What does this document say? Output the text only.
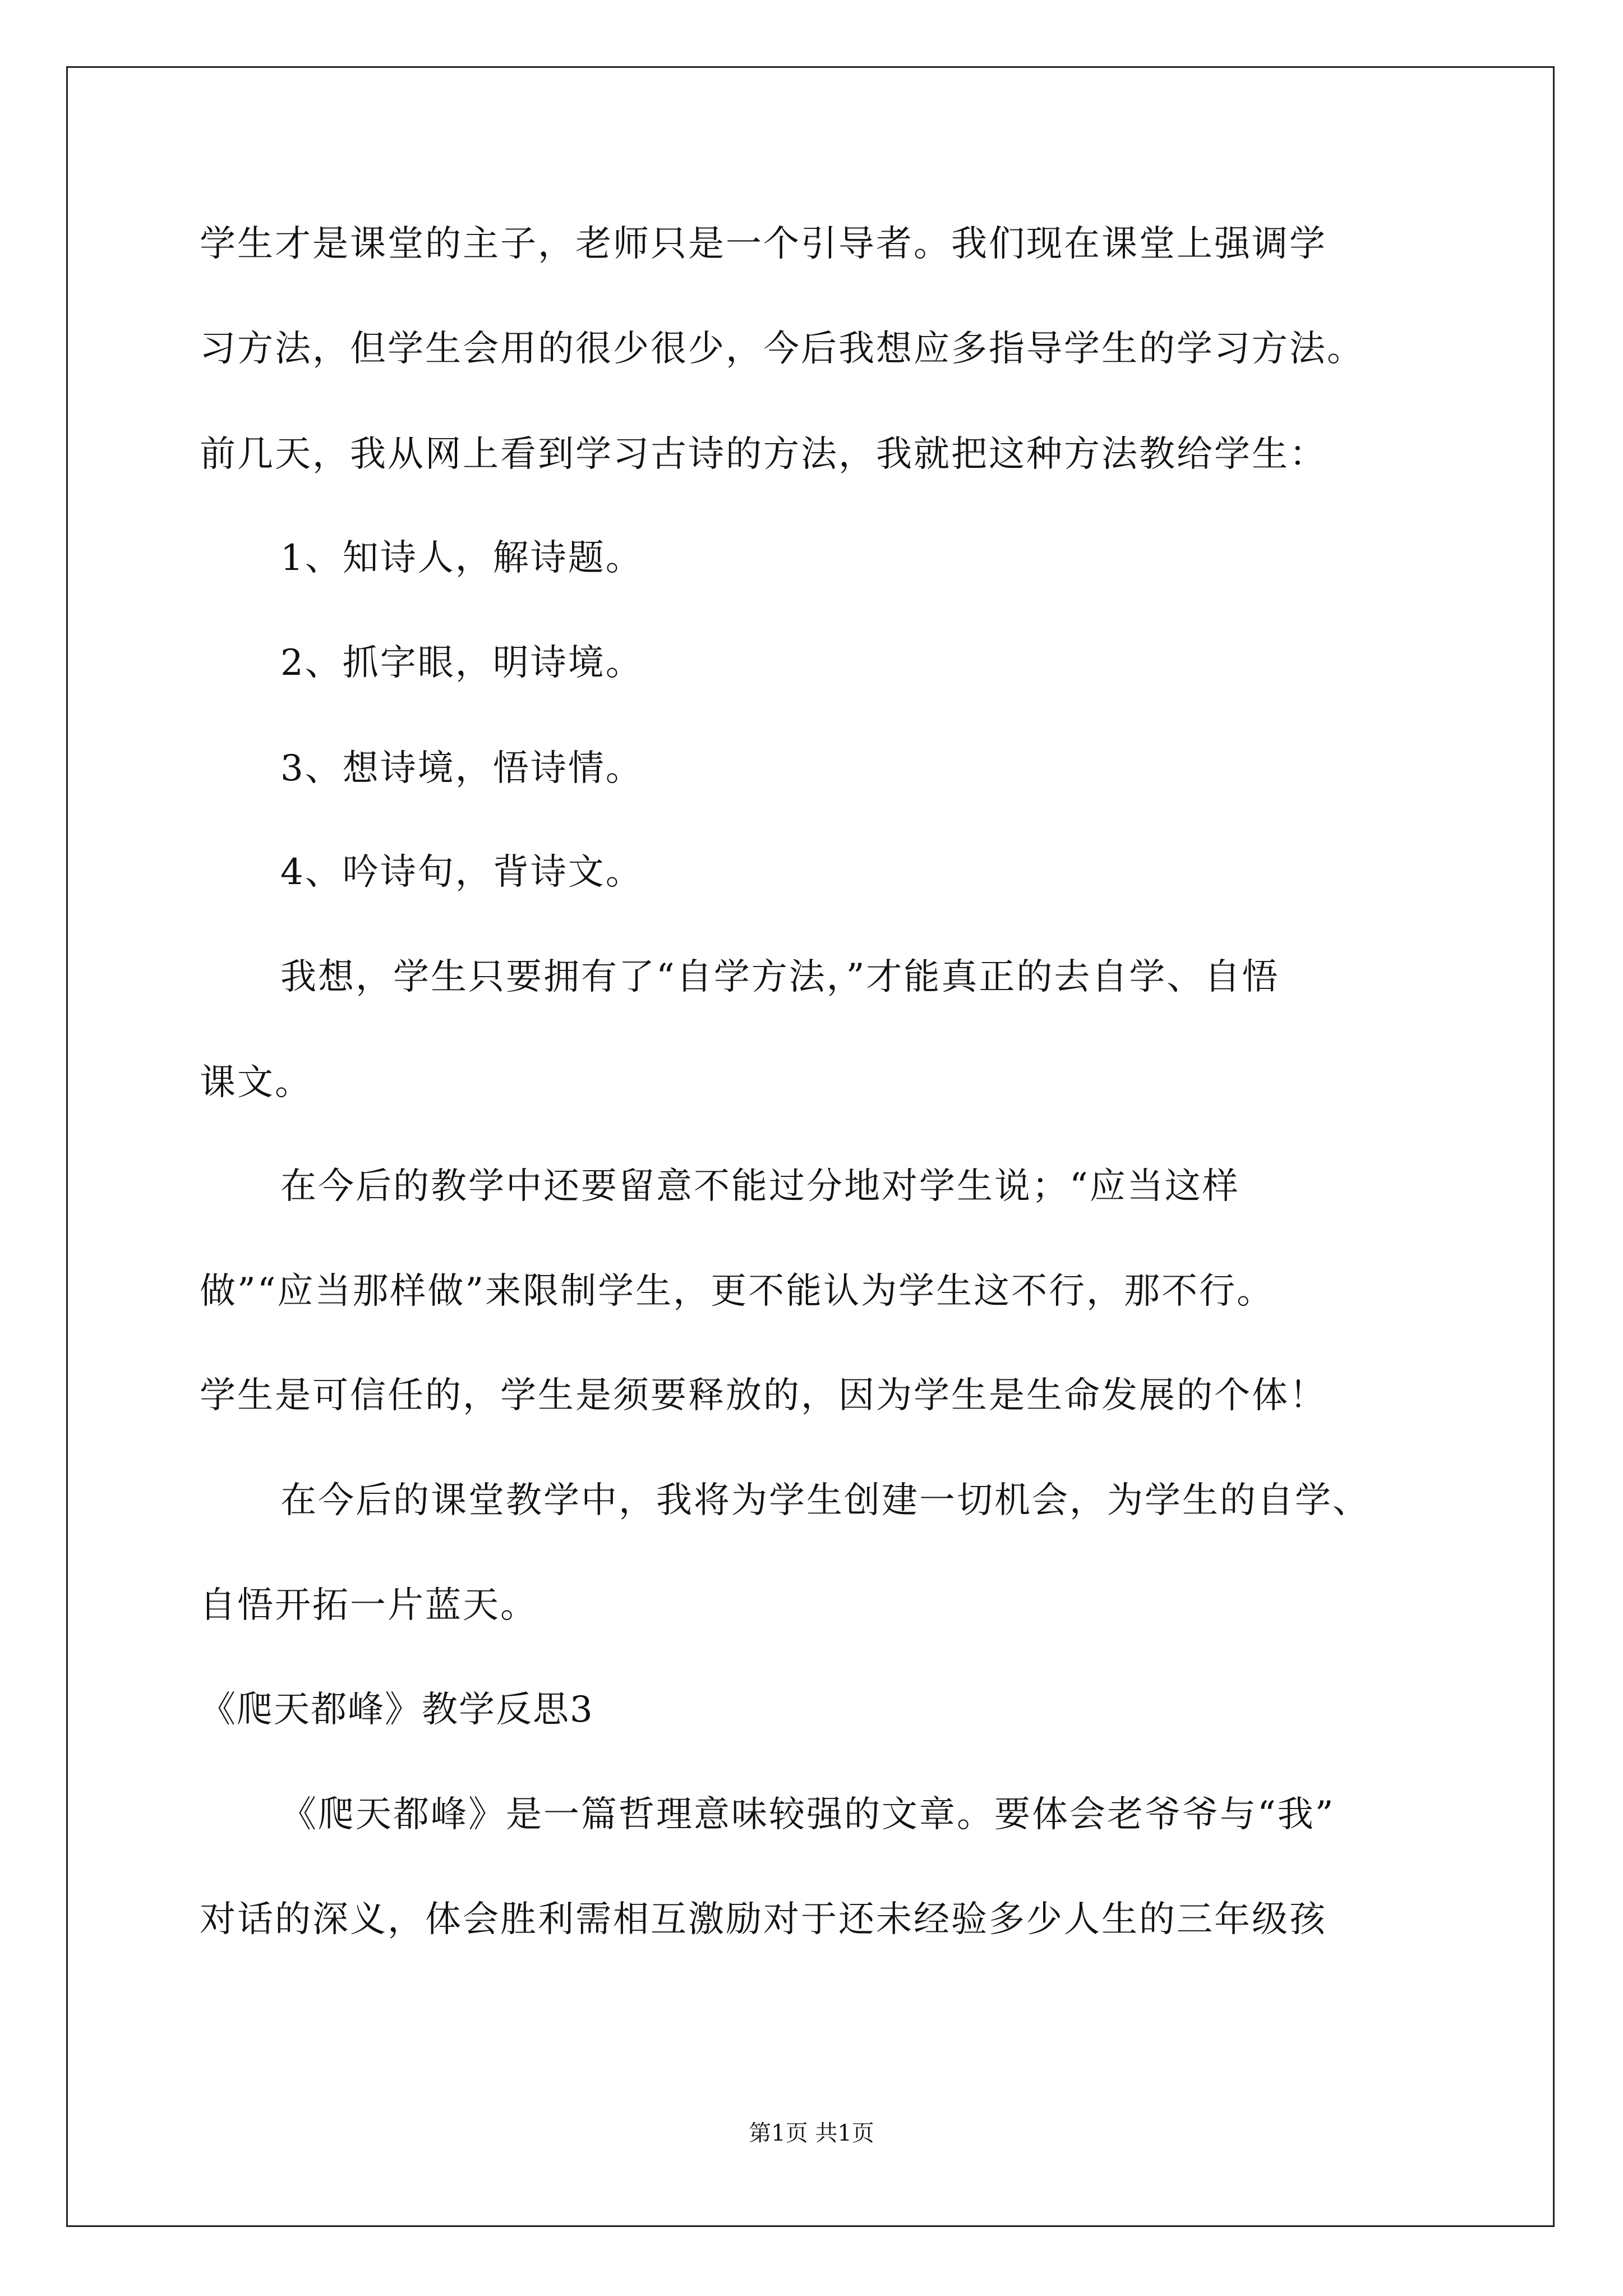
学生才是课堂的主子，老师只是一个引导者。我们现在课堂上强调学
习方法，但学生会用的很少很少，今后我想应多指导学生的学习方法。
前几天，我从网上看到学习古诗的方法，我就把这种方法教给学生：
1、知诗人，解诗题。
2、抓字眼，明诗境。
3、想诗境，悟诗情。
4、吟诗句，背诗文。
我想，学生只要拥有了“自学方法，”才能真正的去自学、自悟
课文。
在今后的教学中还要留意不能过分地对学生说；“应当这样
做”“应当那样做”来限制学生，更不能认为学生这不行，那不行。
学生是可信任的，学生是须要释放的，因为学生是生命发展的个体！
在今后的课堂教学中，我将为学生创建一切机会，为学生的自学、
自悟开拓一片蓝天。
《爬天都峰》教学反思3
《爬天都峰》是一篇哲理意味较强的文章。要体会老爷爷与“我”
对话的深义，体会胜利需相互激励对于还未经验多少人生的三年级孩
第1页 共1页
